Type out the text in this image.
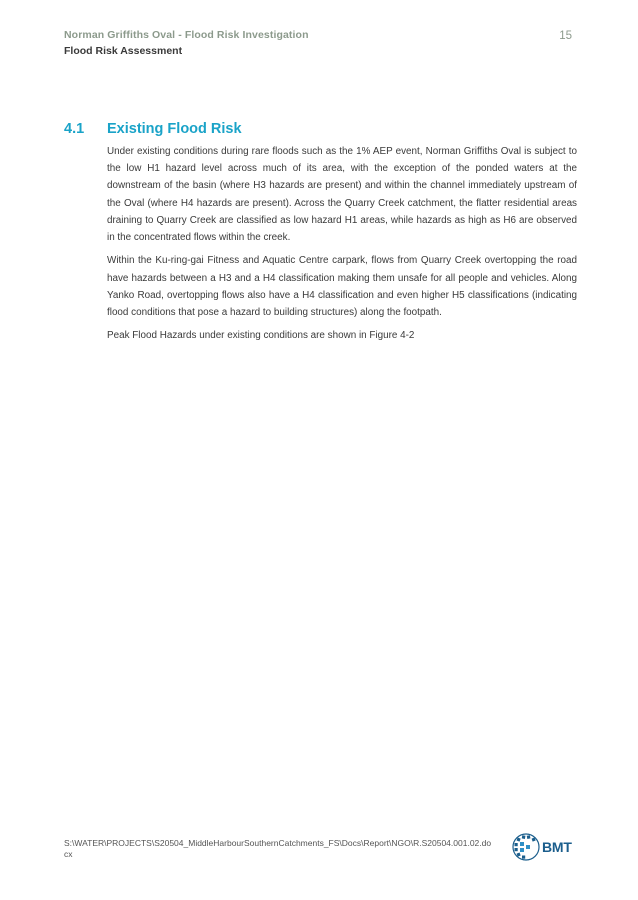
Norman Griffiths Oval - Flood Risk Investigation
Flood Risk Assessment
15
4.1	Existing Flood Risk

Under existing conditions during rare floods such as the 1% AEP event, Norman Griffiths Oval is subject to the low H1 hazard level across much of its area, with the exception of the ponded waters at the downstream of the basin (where H3 hazards are present) and within the channel immediately upstream of the Oval (where H4 hazards are present). Across the Quarry Creek catchment, the flatter residential areas draining to Quarry Creek are classified as low hazard H1 areas, while hazards as high as H6 are observed in the concentrated flows within the creek.

Within the Ku-ring-gai Fitness and Aquatic Centre carpark, flows from Quarry Creek overtopping the road have hazards between a H3 and a H4 classification making them unsafe for all people and vehicles. Along Yanko Road, overtopping flows also have a H4 classification and even higher H5 classifications (indicating flood conditions that pose a hazard to building structures) along the footpath.

Peak Flood Hazards under existing conditions are shown in Figure 4-2

S:\WATER\PROJECTS\S20504_MiddleHarbourSouthernCatchments_FS\Docs\Report\NGO\R.S20504.001.02.docx	BMT
